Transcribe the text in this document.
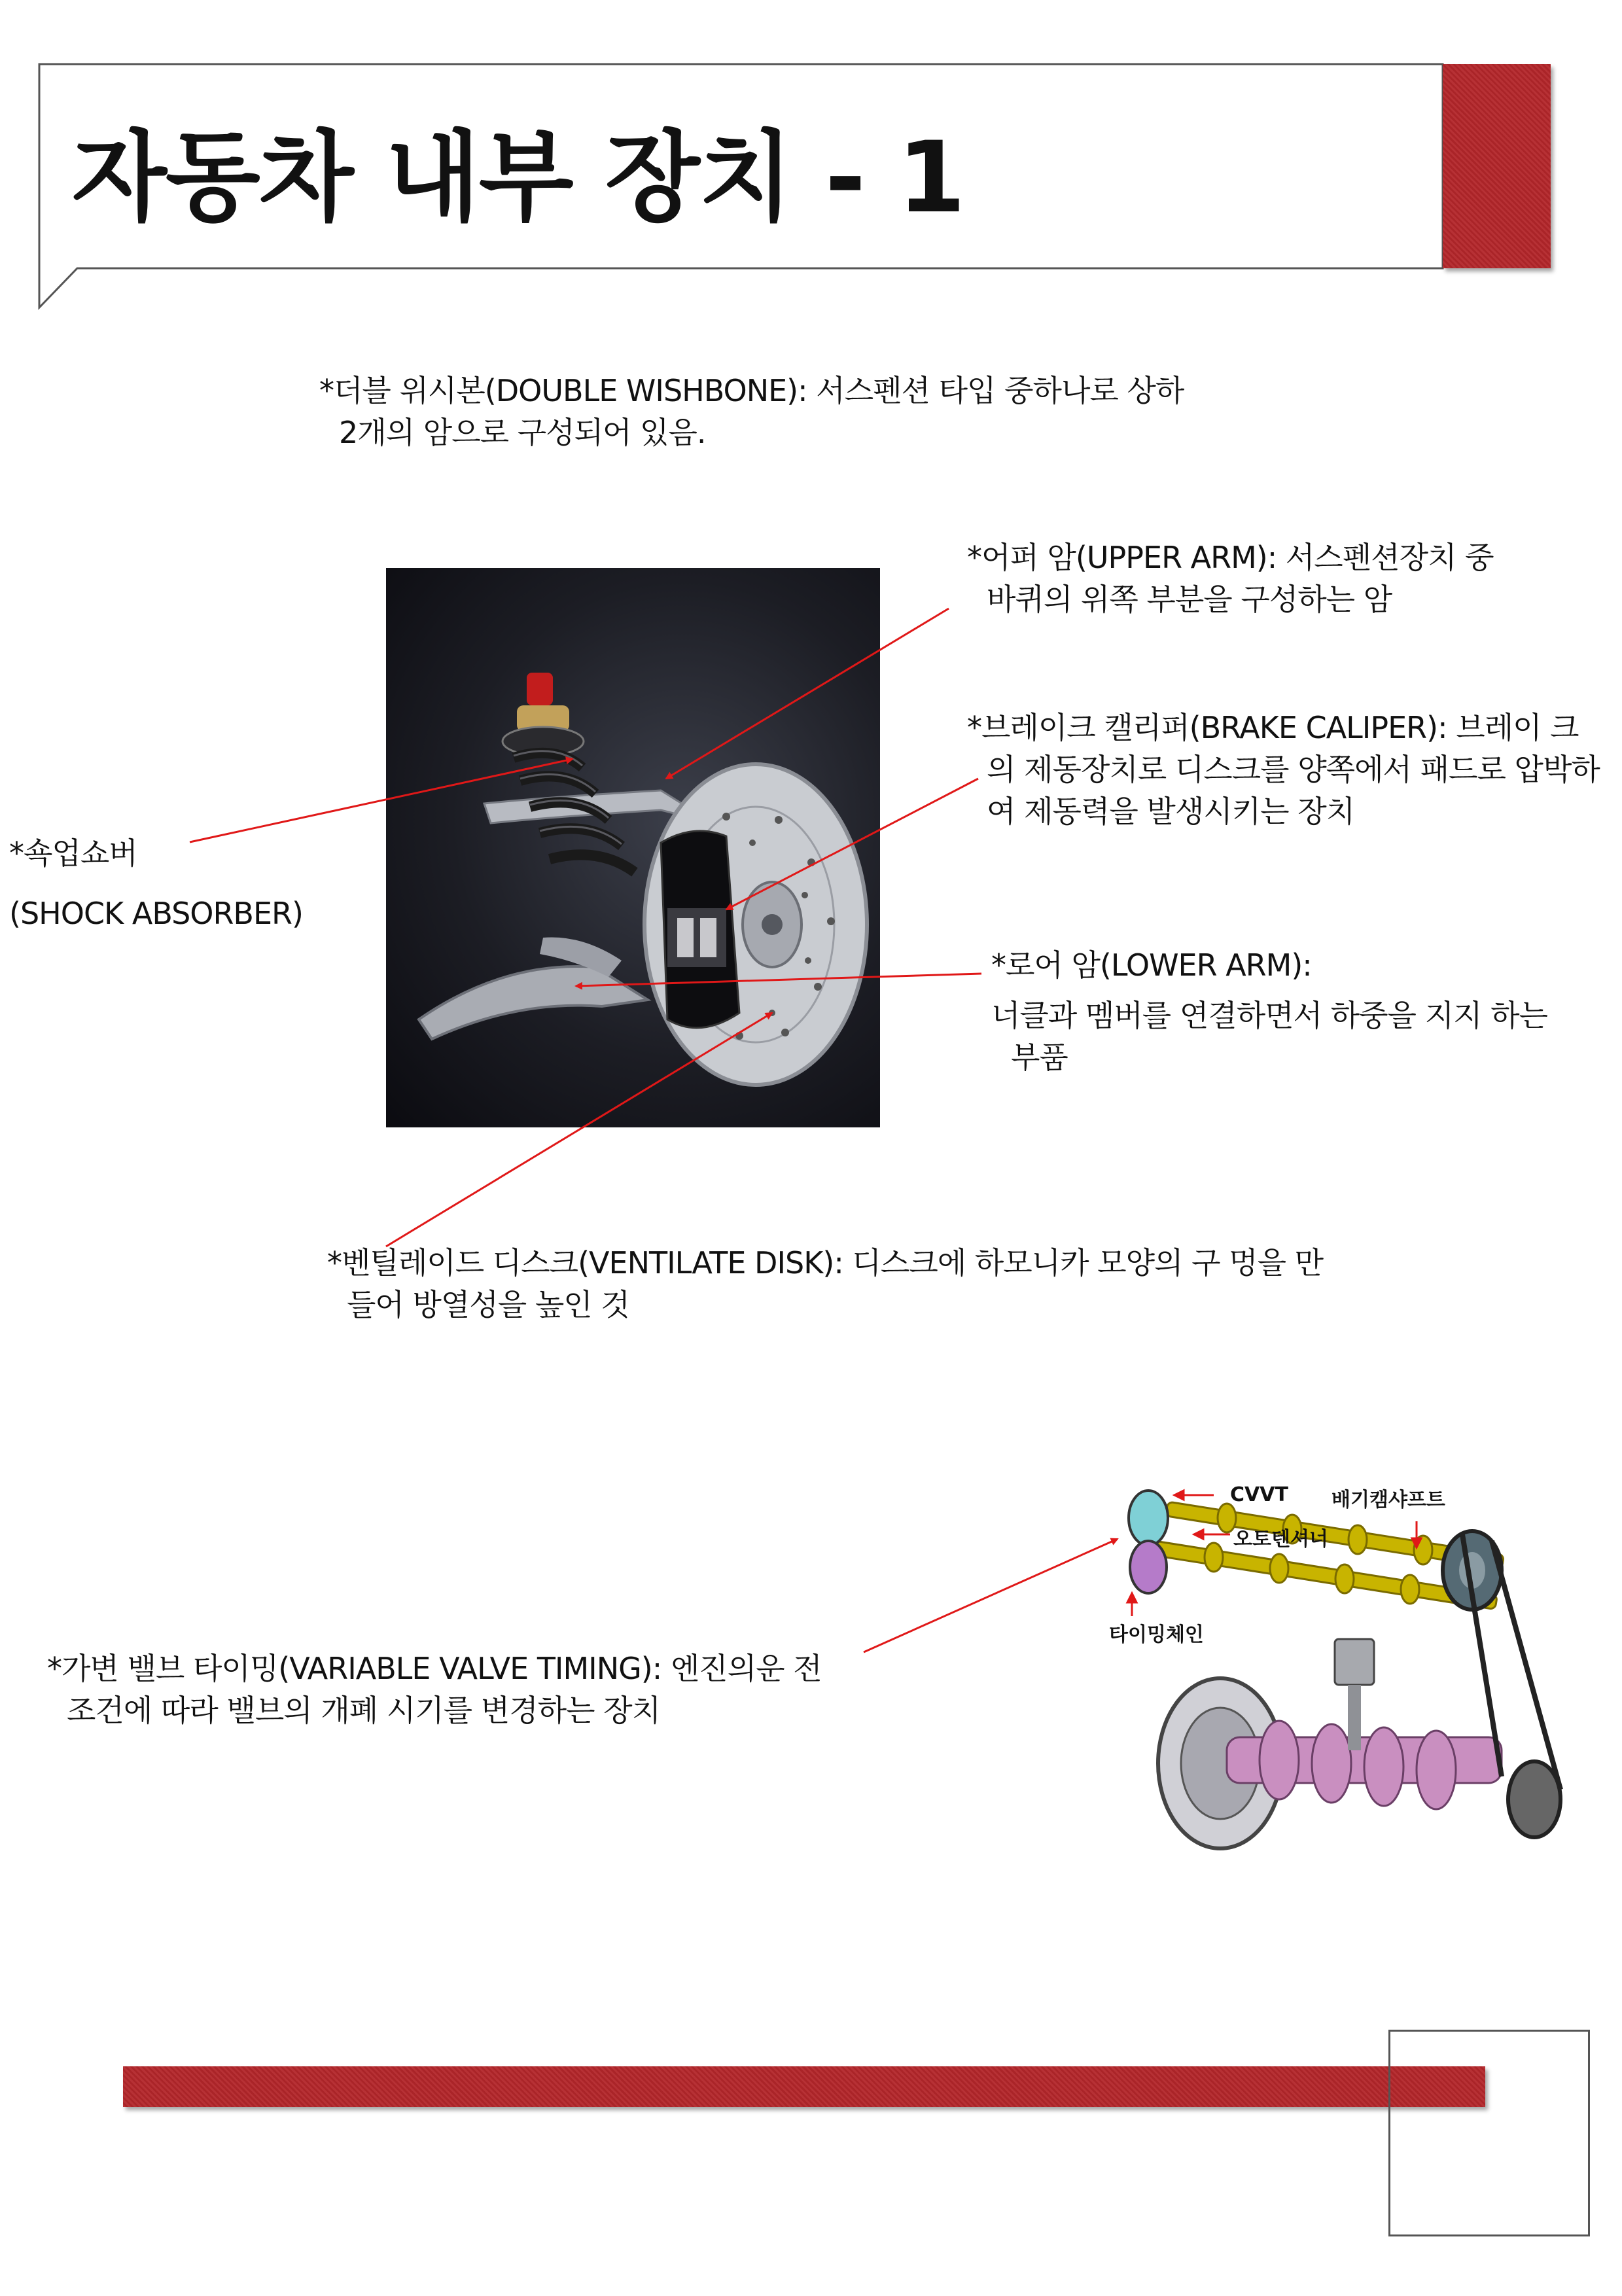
자동차 내부 장치 - 1
*더블 위시본(DOUBLE WISHBONE): 서스펜션 타입 중하나로 상하
2개의 암으로 구성되어 있음.
*어퍼 암(UPPER ARM): 서스펜션장치 중
바퀴의 위쪽 부분을 구성하는 암
*브레이크 캘리퍼(BRAKE CALIPER): 브레이 크
의 제동장치로 디스크를 양쪽에서 패드로 압박하
여 제동력을 발생시키는 장치
*쇽업쇼버
(SHOCK ABSORBER)
*로어 암(LOWER ARM):
너클과 멤버를 연결하면서 하중을 지지 하는
부품
*벤틸레이드 디스크(VENTILATE DISK): 디스크에 하모니카 모양의 구 멍을 만
들어 방열성을 높인 것
*가변 밸브 타이밍(VARIABLE VALVE TIMING): 엔진의운 전
조건에 따라 밸브의 개폐 시기를 변경하는 장치
CVVT 배기캠샤프트
오토텐셔너
타이밍체인
